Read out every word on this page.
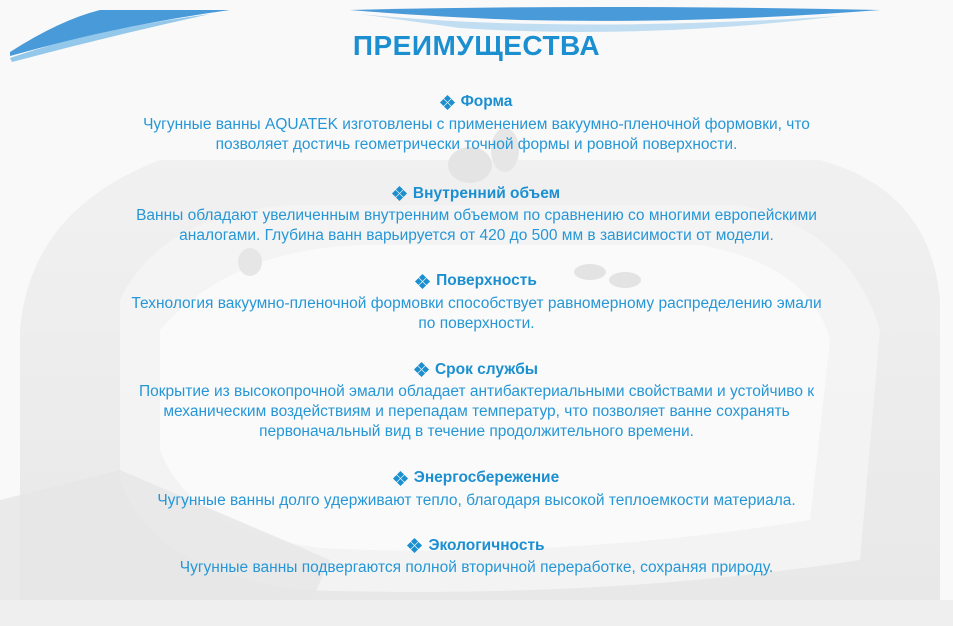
ПРЕИМУЩЕСТВА
Форма
Чугунные ванны AQUATEK изготовлены с применением вакуумно-пленочной формовки, что
позволяет достичь геометрически точной формы и ровной поверхности.
Внутренний объем
Ванны обладают увеличенным внутренним объемом по сравнению со многими европейскими
аналогами. Глубина ванн варьируется от 420 до 500 мм в зависимости от модели.
Поверхность
Технология вакуумно-пленочной формовки способствует равномерному распределению эмали
по поверхности.
Срок службы
Покрытие из высокопрочной эмали обладает антибактериальными свойствами и устойчиво к
механическим воздействиям и перепадам температур, что позволяет ванне сохранять
первоначальный вид в течение продолжительного времени.
Энергосбережение
Чугунные ванны долго удерживают тепло, благодаря высокой теплоемкости материала.
Экологичность
Чугунные ванны подвергаются полной вторичной переработке, сохраняя природу.
